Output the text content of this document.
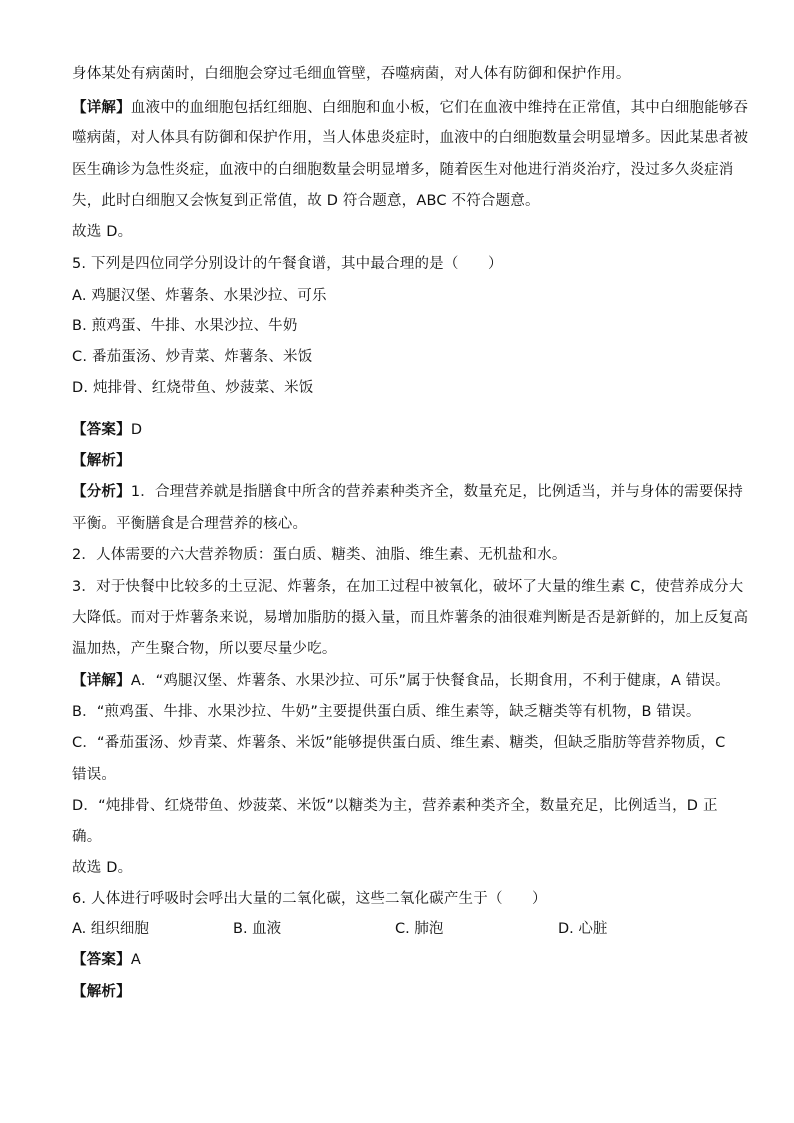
身体某处有病菌时，白细胞会穿过毛细血管壁，吞噬病菌，对人体有防御和保护作用。

【详解】血液中的血细胞包括红细胞、白细胞和血小板，它们在血液中维持在正常值，其中白细胞能够吞

噬病菌，对人体具有防御和保护作用，当人体患炎症时，血液中的白细胞数量会明显增多。因此某患者被

医生确诊为急性炎症，血液中的白细胞数量会明显增多，随着医生对他进行消炎治疗，没过多久炎症消

失，此时白细胞又会恢复到正常值，故 D 符合题意，ABC 不符合题意。

故选 D。

5. 下列是四位同学分别设计的午餐食谱，其中最合理的是（　　）

A. 鸡腿汉堡、炸薯条、水果沙拉、可乐

B. 煎鸡蛋、牛排、水果沙拉、牛奶

C. 番茄蛋汤、炒青菜、炸薯条、米饭

D. 炖排骨、红烧带鱼、炒菠菜、米饭

【答案】D

【解析】

【分析】1．合理营养就是指膳食中所含的营养素种类齐全，数量充足，比例适当，并与身体的需要保持

平衡。平衡膳食是合理营养的核心。

2．人体需要的六大营养物质：蛋白质、糖类、油脂、维生素、无机盐和水。

3．对于快餐中比较多的土豆泥、炸薯条，在加工过程中被氧化，破坏了大量的维生素 C，使营养成分大

大降低。而对于炸薯条来说，易增加脂肪的摄入量，而且炸薯条的油很难判断是否是新鲜的，加上反复高

温加热，产生聚合物，所以要尽量少吃。

【详解】A．“鸡腿汉堡、炸薯条、水果沙拉、可乐”属于快餐食品，长期食用，不利于健康，A 错误。

B．“煎鸡蛋、牛排、水果沙拉、牛奶”主要提供蛋白质、维生素等，缺乏糖类等有机物，B 错误。

C．“番茄蛋汤、炒青菜、炸薯条、米饭”能够提供蛋白质、维生素、糖类，但缺乏脂肪等营养物质，C

错误。

D．“炖排骨、红烧带鱼、炒菠菜、米饭”以糖类为主，营养素种类齐全，数量充足，比例适当，D 正

确。

故选 D。

6. 人体进行呼吸时会呼出大量的二氧化碳，这些二氧化碳产生于（　　）

A. 组织细胞	B. 血液	C. 肺泡	D. 心脏

【答案】A

【解析】
